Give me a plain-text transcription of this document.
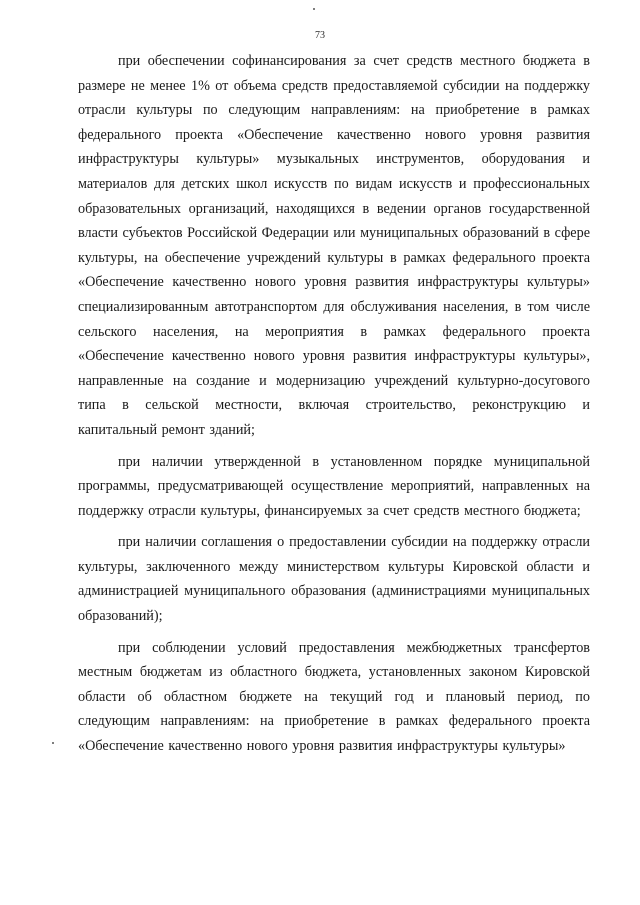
73

при обеспечении софинансирования за счет средств местного бюджета в размере не менее 1% от объема средств предоставляемой субсидии на поддержку отрасли культуры по следующим направлениям: на приобретение в рамках федерального проекта «Обеспечение качественно нового уровня развития инфраструктуры культуры» музыкальных инструментов, оборудования и материалов для детских школ искусств по видам искусств и профессиональных образовательных организаций, находящихся в ведении органов государственной власти субъектов Российской Федерации или муниципальных образований в сфере культуры, на обеспечение учреждений культуры в рамках федерального проекта «Обеспечение качественно нового уровня развития инфраструктуры культуры» специализированным автотранспортом для обслуживания населения, в том числе сельского населения, на мероприятия в рамках федерального проекта «Обеспечение качественно нового уровня развития инфраструктуры культуры», направленные на создание и модернизацию учреждений культурно-досугового типа в сельской местности, включая строительство, реконструкцию и капитальный ремонт зданий;

при наличии утвержденной в установленном порядке муниципальной программы, предусматривающей осуществление мероприятий, направленных на поддержку отрасли культуры, финансируемых за счет средств местного бюджета;

при наличии соглашения о предоставлении субсидии на поддержку отрасли культуры, заключенного между министерством культуры Кировской области и администрацией муниципального образования (администрациями муниципальных образований);

при соблюдении условий предоставления межбюджетных трансфертов местным бюджетам из областного бюджета, установленных законом Кировской области об областном бюджете на текущий год и плановый период, по следующим направлениям: на приобретение в рамках федерального проекта «Обеспечение качественно нового уровня развития инфраструктуры культуры»
